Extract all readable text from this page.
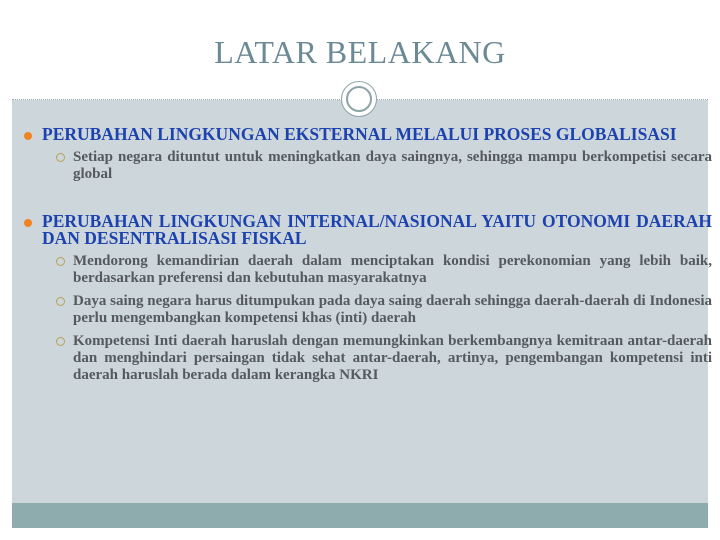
LATAR BELAKANG
PERUBAHAN LINGKUNGAN EKSTERNAL MELALUI PROSES GLOBALISASI
Setiap negara dituntut untuk meningkatkan daya saingnya, sehingga mampu berkompetisi secara global
PERUBAHAN LINGKUNGAN INTERNAL/NASIONAL YAITU OTONOMI DAERAH DAN DESENTRALISASI FISKAL
Mendorong kemandirian daerah dalam menciptakan kondisi perekonomian yang lebih baik, berdasarkan preferensi dan kebutuhan masyarakatnya
Daya saing negara harus ditumpukan pada daya saing daerah sehingga daerah-daerah di Indonesia perlu mengembangkan kompetensi khas (inti) daerah
Kompetensi Inti daerah haruslah dengan memungkinkan berkembangnya kemitraan antar-daerah dan menghindari persaingan tidak sehat antar-daerah, artinya, pengembangan kompetensi inti daerah haruslah berada dalam kerangka NKRI
